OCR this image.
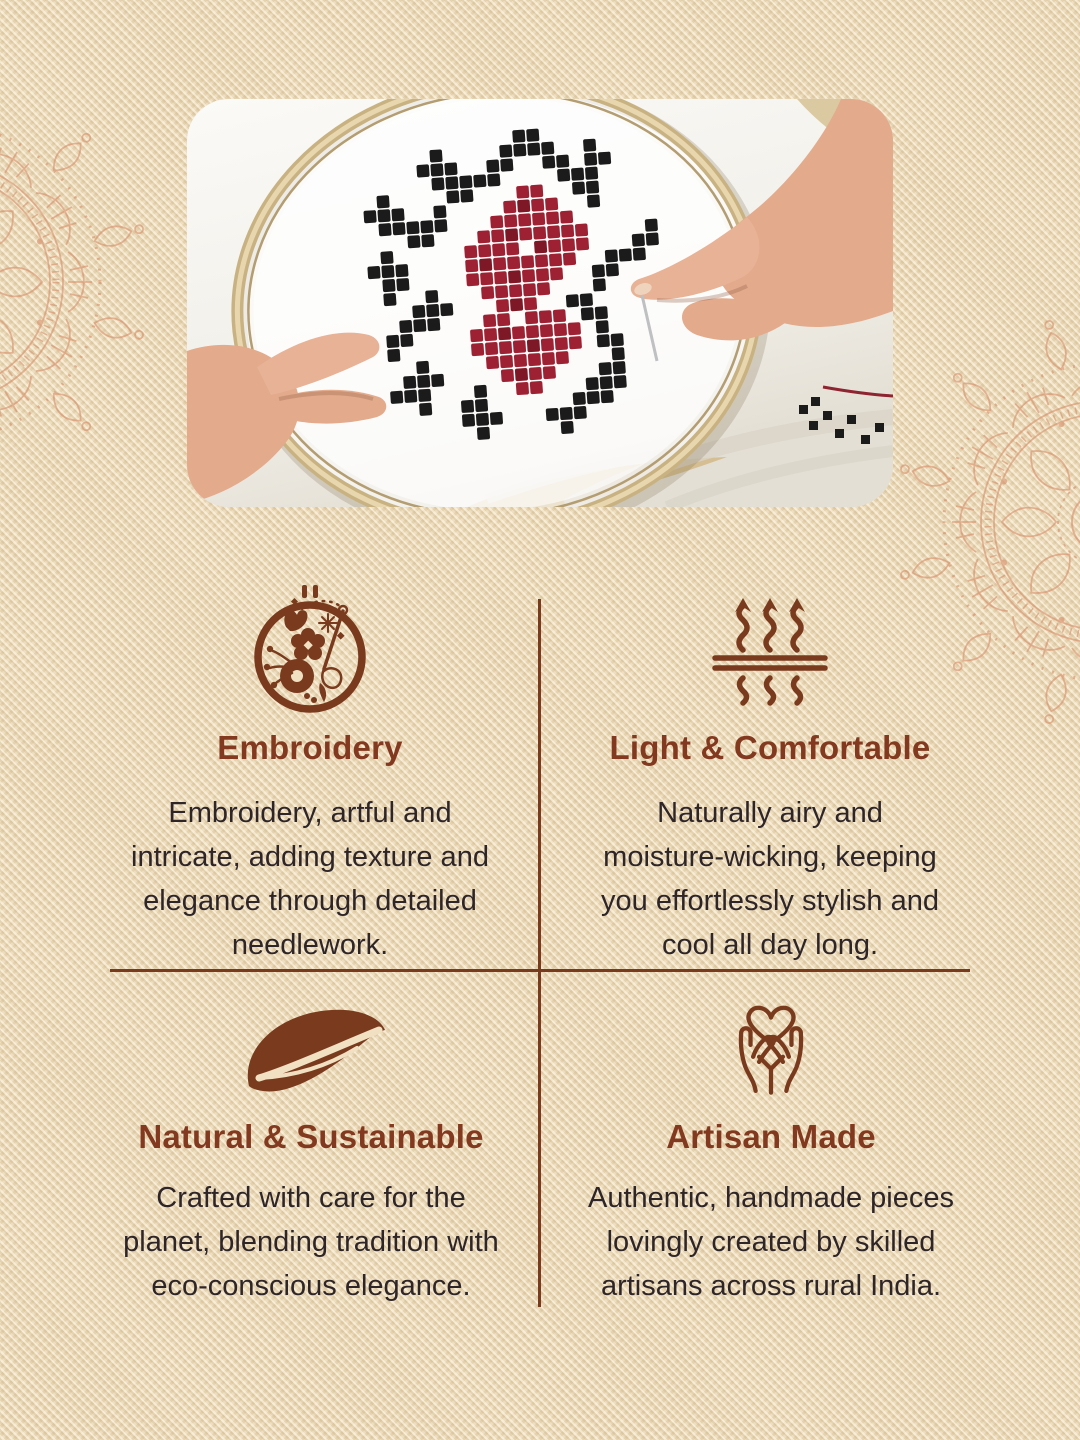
Embroidery

Embroidery, artful and
intricate, adding texture and
elegance through detailed
needlework.

Light & Comfortable

Naturally airy and
moisture-wicking, keeping
you effortlessly stylish and
cool all day long.

Natural & Sustainable

Crafted with care for the
planet, blending tradition with
eco-conscious elegance.

Artisan Made

Authentic, handmade pieces
lovingly created by skilled
artisans across rural India.
